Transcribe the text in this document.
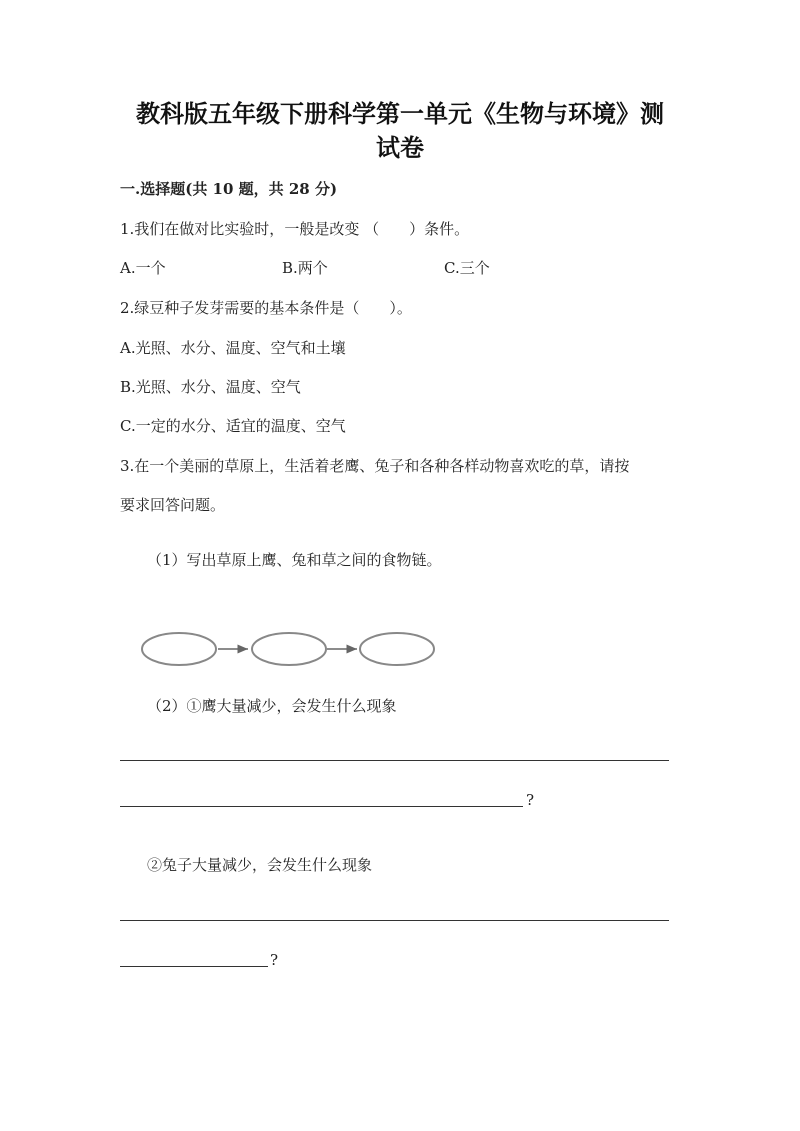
教科版五年级下册科学第一单元《生物与环境》测
试卷
一.选择题(共 10 题，共 28 分)
1.我们在做对比实验时，一般是改变 （　　）条件。
A.一个	B.两个	C.三个
2.绿豆种子发芽需要的基本条件是（　　）。
A.光照、水分、温度、空气和土壤
B.光照、水分、温度、空气
C.一定的水分、适宜的温度、空气
3.在一个美丽的草原上，生活着老鹰、兔子和各种各样动物喜欢吃的草，请按
要求回答问题。
（1）写出草原上鹰、兔和草之间的食物链。
（2）①鹰大量减少，会发生什么现象
?
②兔子大量减少，会发生什么现象
?
